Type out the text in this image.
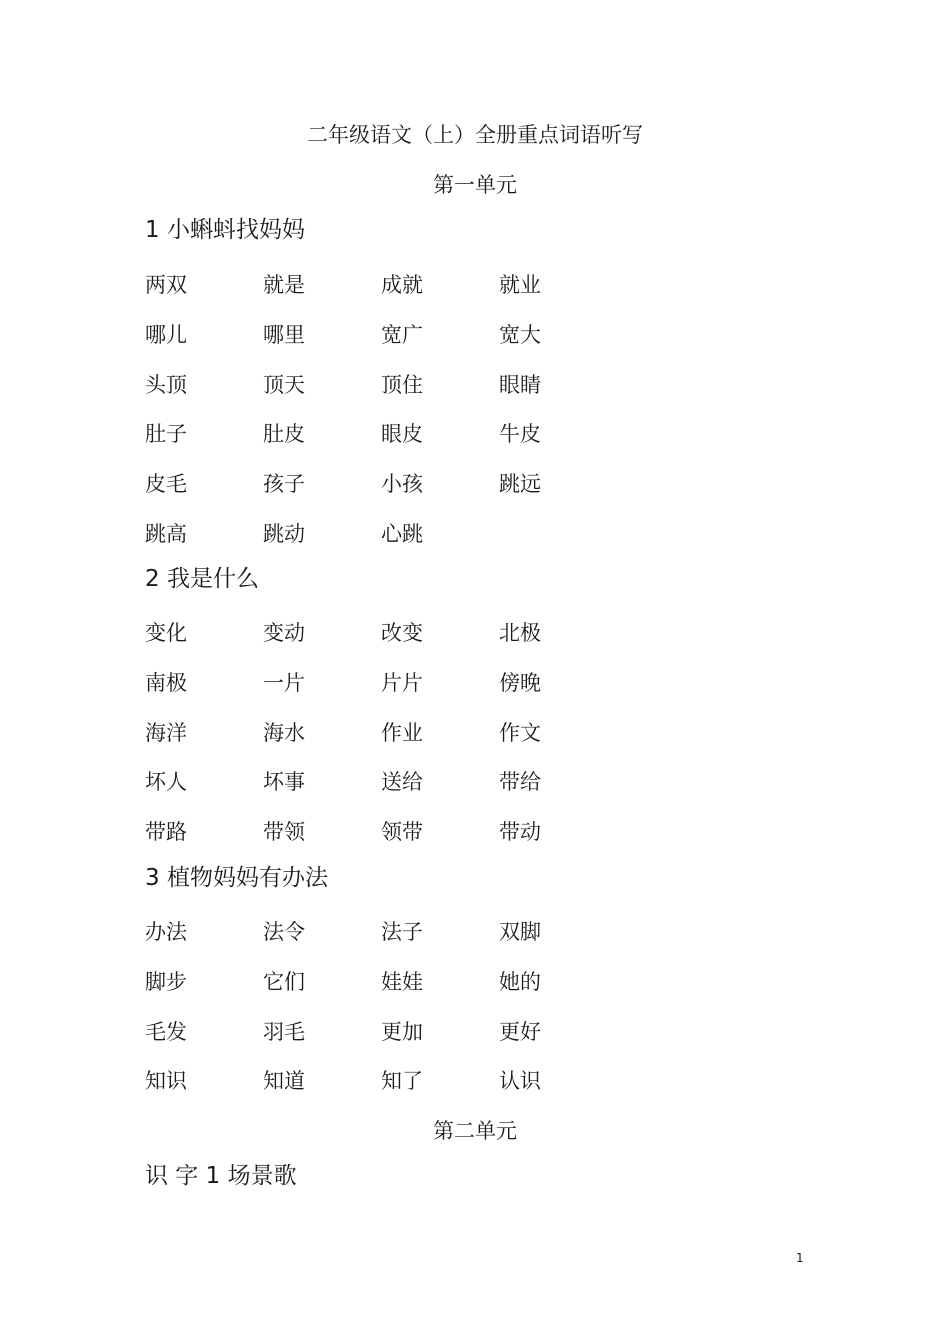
二年级语文（上）全册重点词语听写
第一单元
1 小蝌蚪找妈妈
2 我是什么
3 植物妈妈有办法
第二单元
识 字 1 场景歌
1
两双	就是	成就	就业
哪儿	哪里	宽广	宽大
头顶	顶天	顶住	眼睛
肚子	肚皮	眼皮	牛皮
皮毛	孩子	小孩	跳远
跳高	跳动	心跳
变化	变动	改变	北极
南极	一片	片片	傍晚
海洋	海水	作业	作文
坏人	坏事	送给	带给
带路	带领	领带	带动
办法	法令	法子	双脚
脚步	它们	娃娃	她的
毛发	羽毛	更加	更好
知识	知道	知了	认识
